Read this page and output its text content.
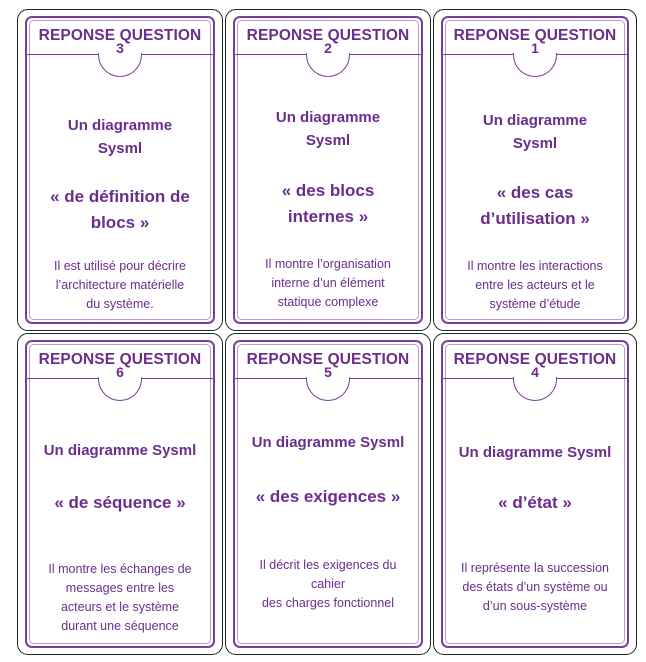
REPONSE QUESTION
3
Un diagramme
Sysml
« de définition de
blocs »
Il est utilisé pour décrire
l’architecture matérielle
du système.
REPONSE QUESTION
2
Un diagramme
Sysml
« des blocs
internes »
Il montre l’organisation
interne d’un élément
statique complexe
REPONSE QUESTION
1
Un diagramme
Sysml
« des cas
d’utilisation »
Il montre les interactions
entre les acteurs et le
système d’étude
REPONSE QUESTION
6
Un diagramme Sysml
« de séquence »
Il montre les échanges de
messages entre les
acteurs et le système
durant une séquence
REPONSE QUESTION
5
Un diagramme Sysml
« des exigences »
Il décrit les exigences du
cahier
des charges fonctionnel
REPONSE QUESTION
4
Un diagramme Sysml
« d’état »
Il représente la succession
des états d’un système ou
d’un sous-système
